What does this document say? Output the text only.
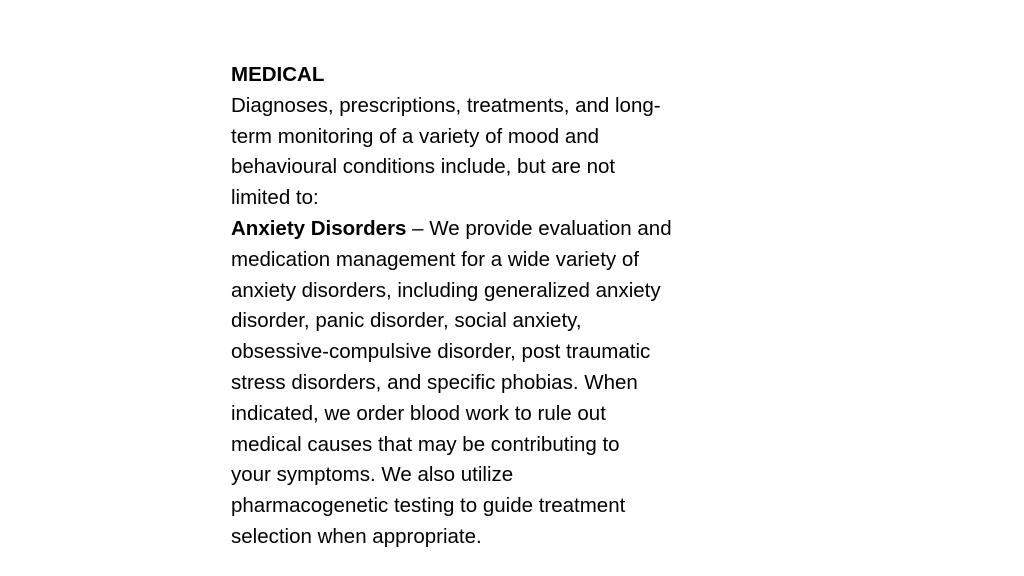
MEDICAL
Diagnoses, prescriptions, treatments, and long-
term monitoring of a variety of mood and
behavioural conditions include, but are not
limited to:
Anxiety Disorders – We provide evaluation and
medication management for a wide variety of
anxiety disorders, including generalized anxiety
disorder, panic disorder, social anxiety,
obsessive-compulsive disorder, post traumatic
stress disorders, and specific phobias. When
indicated, we order blood work to rule out
medical causes that may be contributing to
your symptoms. We also utilize
pharmacogenetic testing to guide treatment
selection when appropriate.
